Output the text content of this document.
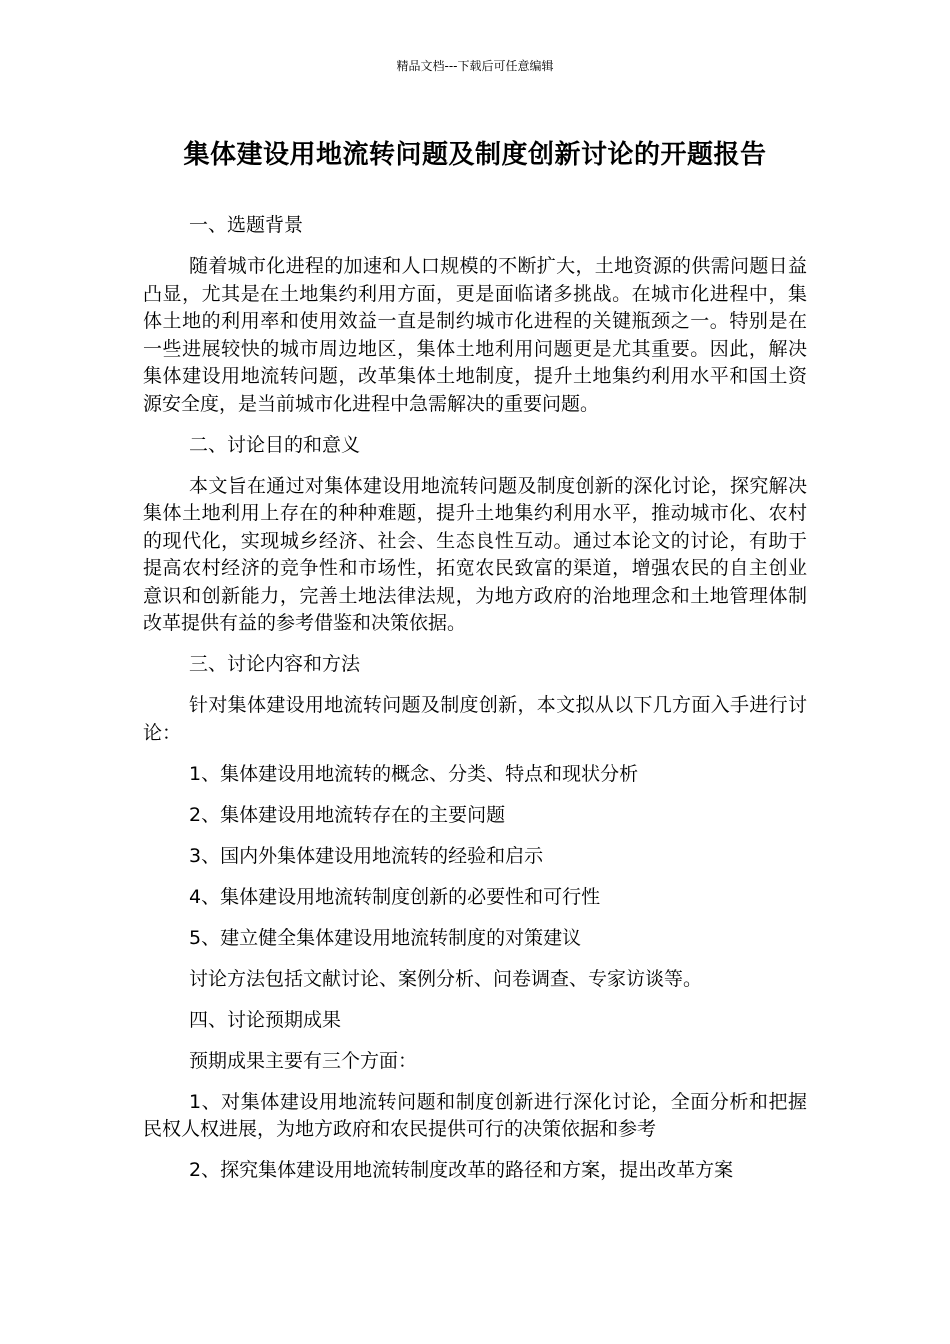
精品文档---下载后可任意编辑
集体建设用地流转问题及制度创新讨论的开题报告

一、选题背景

随着城市化进程的加速和人口规模的不断扩大，土地资源的供需问题日益凸显，尤其是在土地集约利用方面，更是面临诸多挑战。在城市化进程中，集体土地的利用率和使用效益一直是制约城市化进程的关键瓶颈之一。特别是在一些进展较快的城市周边地区，集体土地利用问题更是尤其重要。因此，解决集体建设用地流转问题，改革集体土地制度，提升土地集约利用水平和国土资源安全度，是当前城市化进程中急需解决的重要问题。

二、讨论目的和意义

本文旨在通过对集体建设用地流转问题及制度创新的深化讨论，探究解决集体土地利用上存在的种种难题，提升土地集约利用水平，推动城市化、农村的现代化，实现城乡经济、社会、生态良性互动。通过本论文的讨论，有助于提高农村经济的竞争性和市场性，拓宽农民致富的渠道，增强农民的自主创业意识和创新能力，完善土地法律法规，为地方政府的治地理念和土地管理体制改革提供有益的参考借鉴和决策依据。

三、讨论内容和方法

针对集体建设用地流转问题及制度创新，本文拟从以下几方面入手进行讨论：

1、集体建设用地流转的概念、分类、特点和现状分析

2、集体建设用地流转存在的主要问题

3、国内外集体建设用地流转的经验和启示

4、集体建设用地流转制度创新的必要性和可行性

5、建立健全集体建设用地流转制度的对策建议

讨论方法包括文献讨论、案例分析、问卷调查、专家访谈等。

四、讨论预期成果

预期成果主要有三个方面：

1、对集体建设用地流转问题和制度创新进行深化讨论，全面分析和把握民权人权进展，为地方政府和农民提供可行的决策依据和参考

2、探究集体建设用地流转制度改革的路径和方案，提出改革方案
